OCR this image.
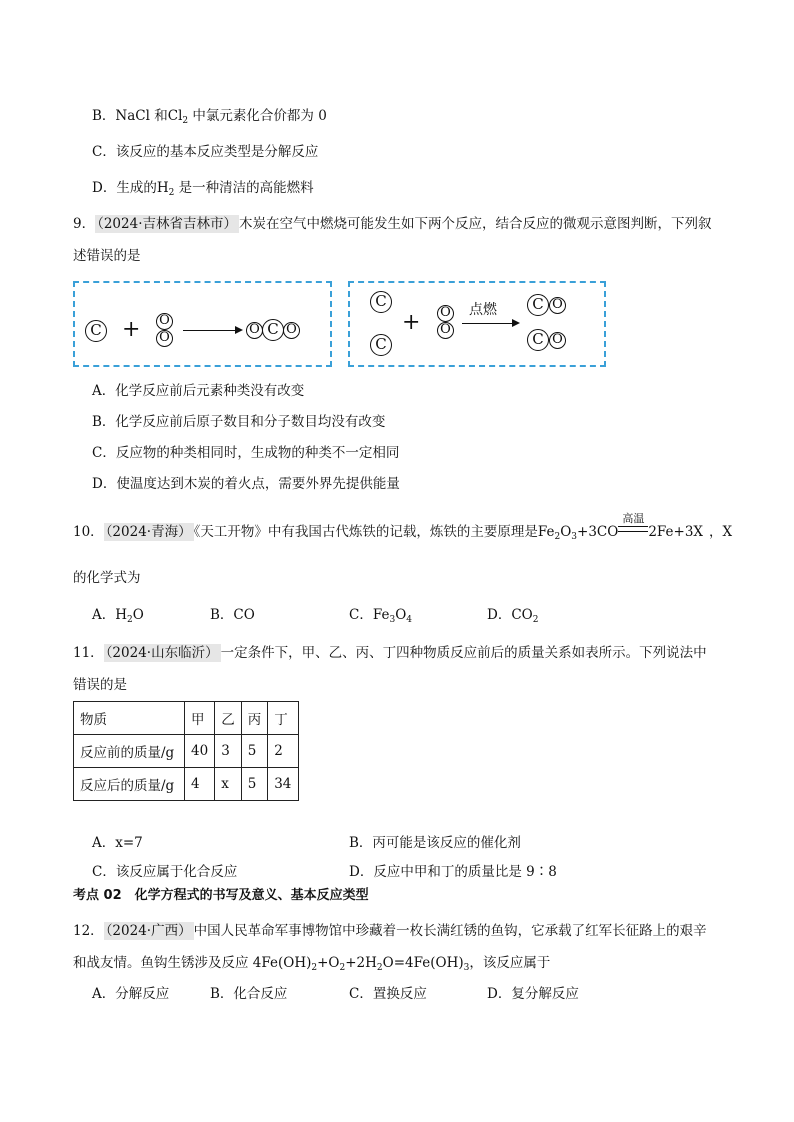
B．NaCl 和$Cl_2$ 中氯元素化合价都为 0
C．该反应的基本反应类型是分解反应
D．生成的$H_2$ 是一种清洁的高能燃料
9． （2024·吉林省吉林市） 木炭在空气中燃烧可能发生如下两个反应，结合反应的微观示意图判断，下列叙
述错误的是
C + O
O
O C O
C
C
+ O
O
点燃	C O
C O
A．化学反应前后元素种类没有改变
B．化学反应前后原子数目和分子数目均没有改变
C．反应物的种类相同时，生成物的种类不一定相同
D．使温度达到木炭的着火点，需要外界先提供能量
10． （2024·青海） 《天工开物》中有我国古代炼铁的记载，炼铁的主要原理是$Fe_2O_3+3CO$
高温
2Fe+3X ，X
的化学式为
A．$H_2O$	B．CO	C．$Fe_3O_4$	D．$CO_2$
11． （2024·山东临沂） 一定条件下，甲、乙、丙、丁四种物质反应前后的质量关系如表所示。下列说法中
错误的是
物质	甲	乙	丙	丁
反应前的质量/g	40	3	5	2
反应后的质量/g	4	x	5	34
A．x=7	B．丙可能是该反应的催化剂
C．该反应属于化合反应	D．反应中甲和丁的质量比是 9∶8
考点 02　化学方程式的书写及意义、基本反应类型
12． （2024·广西） 中国人民革命军事博物馆中珍藏着一枚长满红锈的鱼钩，它承载了红军长征路上的艰辛
和战友情。鱼钩生锈涉及反应 $4Fe(OH)_2+O_2+2H_2O=4Fe(OH)_3$，该反应属于
A．分解反应	B．化合反应	C．置换反应	D．复分解反应
